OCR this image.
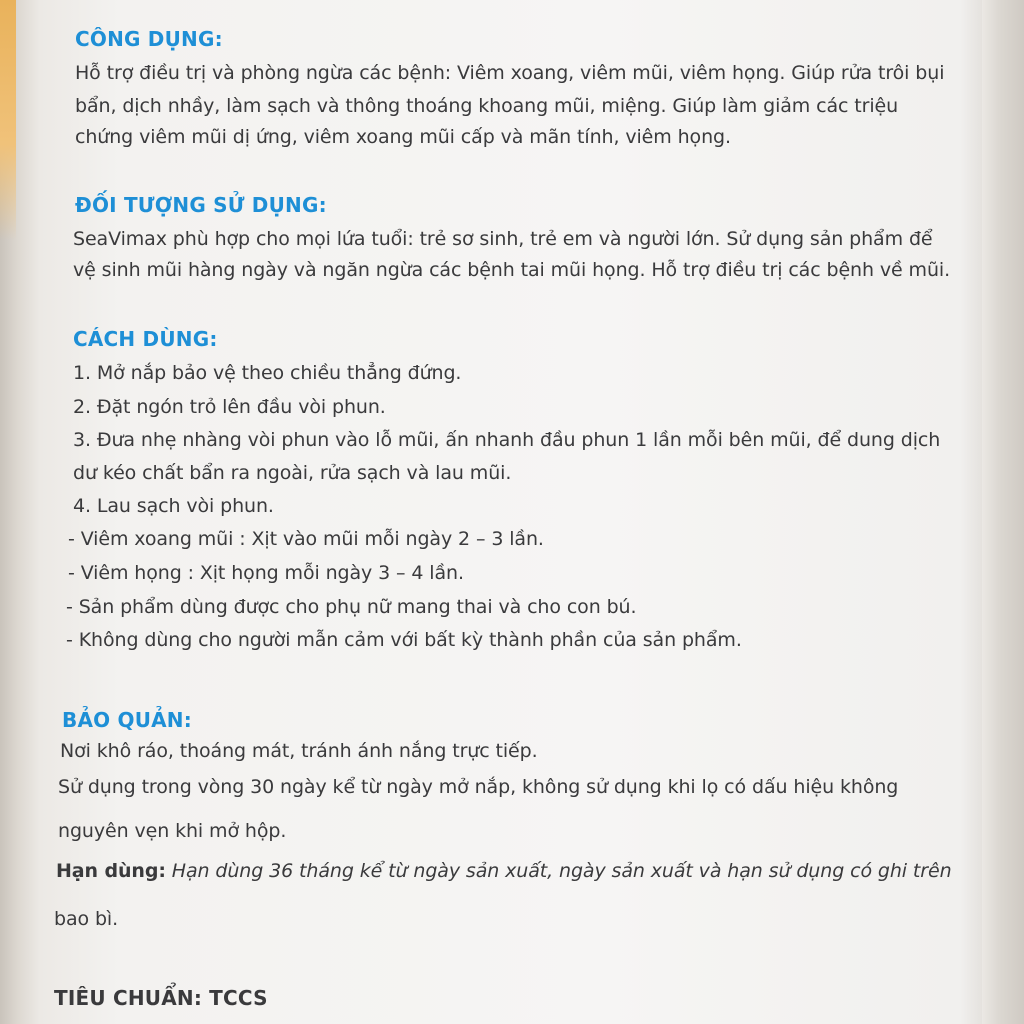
CÔNG DỤNG:
Hỗ trợ điều trị và phòng ngừa các bệnh: Viêm xoang, viêm mũi, viêm họng. Giúp rửa trôi bụi
bẩn, dịch nhầy, làm sạch và thông thoáng khoang mũi, miệng. Giúp làm giảm các triệu
chứng viêm mũi dị ứng, viêm xoang mũi cấp và mãn tính, viêm họng.
ĐỐI TƯỢNG SỬ DỤNG:
SeaVimax phù hợp cho mọi lứa tuổi: trẻ sơ sinh, trẻ em và người lớn. Sử dụng sản phẩm để
vệ sinh mũi hàng ngày và ngăn ngừa các bệnh tai mũi họng. Hỗ trợ điều trị các bệnh về mũi.
CÁCH DÙNG:
1. Mở nắp bảo vệ theo chiều thẳng đứng.
2. Đặt ngón trỏ lên đầu vòi phun.
3. Đưa nhẹ nhàng vòi phun vào lỗ mũi, ấn nhanh đầu phun 1 lần mỗi bên mũi, để dung dịch
dư kéo chất bẩn ra ngoài, rửa sạch và lau mũi.
4. Lau sạch vòi phun.
- Viêm xoang mũi : Xịt vào mũi mỗi ngày 2 – 3 lần.
- Viêm họng : Xịt họng mỗi ngày 3 – 4 lần.
- Sản phẩm dùng được cho phụ nữ mang thai và cho con bú.
- Không dùng cho người mẫn cảm với bất kỳ thành phần của sản phẩm.
BẢO QUẢN:
Nơi khô ráo, thoáng mát, tránh ánh nắng trực tiếp.
Sử dụng trong vòng 30 ngày kể từ ngày mở nắp, không sử dụng khi lọ có dấu hiệu không
nguyên vẹn khi mở hộp.
Hạn dùng: Hạn dùng 36 tháng kể từ ngày sản xuất, ngày sản xuất và hạn sử dụng có ghi trên
bao bì.
TIÊU CHUẨN: TCCS
